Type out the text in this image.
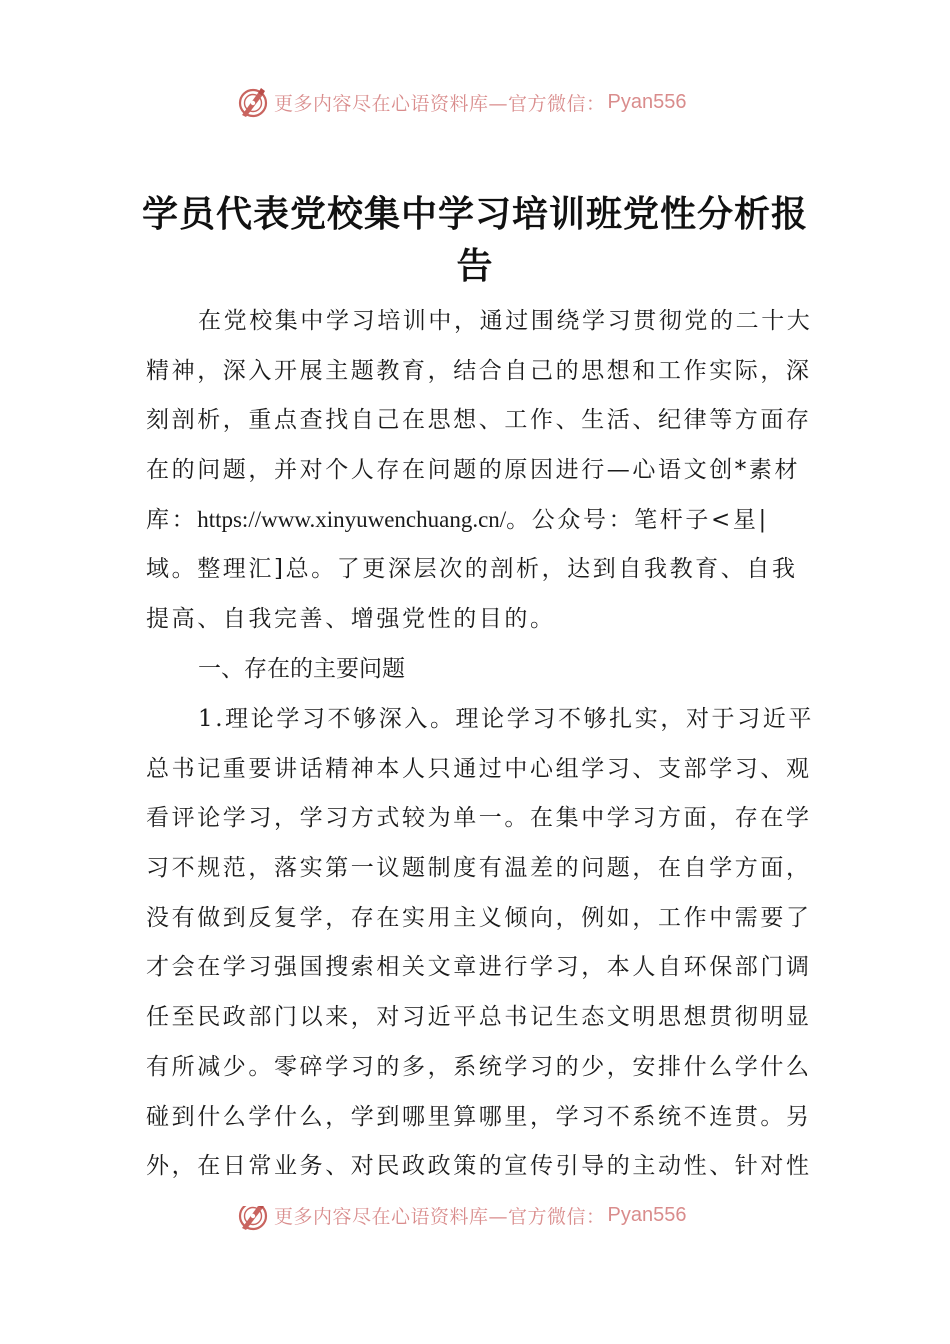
更多内容尽在心语资料库—官方微信： Pyan556
学员代表党校集中学习培训班党性分析报告
在党校集中学习培训中，通过围绕学习贯彻党的二十大
精神，深入开展主题教育，结合自己的思想和工作实际，深
刻剖析，重点查找自己在思想、工作、生活、纪律等方面存
在的问题，并对个人存在问题的原因进行—心语文创*素材
库：https://www.xinyuwenchuang.cn/。公众号：笔杆子<星|
域。整理汇]总。了更深层次的剖析，达到自我教育、自我
提高、自我完善、增强党性的目的。
一、存在的主要问题
1.理论学习不够深入。理论学习不够扎实，对于习近平
总书记重要讲话精神本人只通过中心组学习、支部学习、观
看评论学习，学习方式较为单一。在集中学习方面，存在学
习不规范，落实第一议题制度有温差的问题，在自学方面，
没有做到反复学，存在实用主义倾向，例如，工作中需要了
才会在学习强国搜索相关文章进行学习，本人自环保部门调
任至民政部门以来，对习近平总书记生态文明思想贯彻明显
有所减少。零碎学习的多，系统学习的少，安排什么学什么
碰到什么学什么，学到哪里算哪里，学习不系统不连贯。另
外，在日常业务、对民政政策的宣传引导的主动性、针对性
更多内容尽在心语资料库—官方微信： Pyan556
